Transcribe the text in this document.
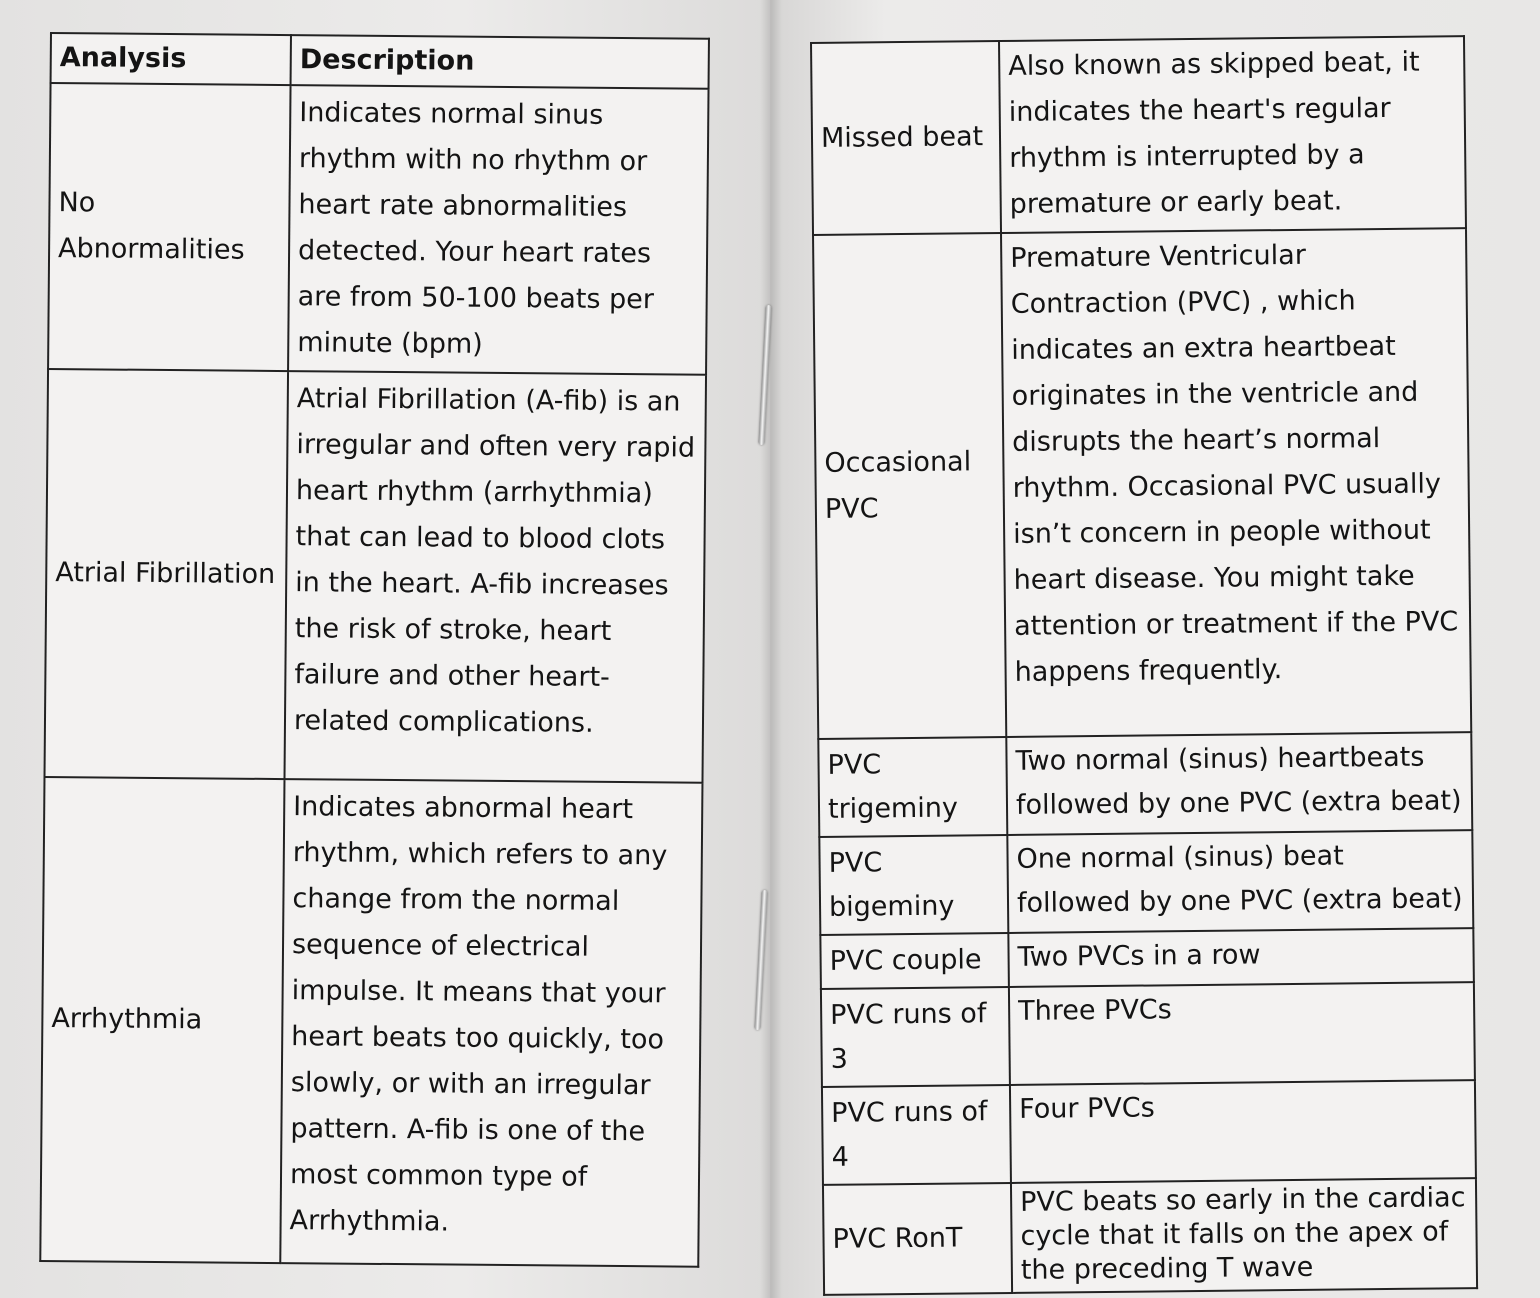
Analysis	Description
No Abnormalities	Indicates normal sinus rhythm with no rhythm or heart rate abnormalities detected. Your heart rates are from 50-100 beats per minute (bpm)
Atrial Fibrillation	Atrial Fibrillation (A-fib) is an irregular and often very rapid heart rhythm (arrhythmia) that can lead to blood clots in the heart. A-fib increases the risk of stroke, heart failure and other heart-related complications.
Arrhythmia	Indicates abnormal heart rhythm, which refers to any change from the normal sequence of electrical impulse. It means that your heart beats too quickly, too slowly, or with an irregular pattern. A-fib is one of the most common type of Arrhythmia.
Missed beat	Also known as skipped beat, it indicates the heart's regular rhythm is interrupted by a premature or early beat.
Occasional PVC	Premature Ventricular Contraction (PVC) , which indicates an extra heartbeat originates in the ventricle and disrupts the heart’s normal rhythm. Occasional PVC usually isn’t concern in people without heart disease. You might take attention or treatment if the PVC happens frequently.
PVC trigeminy	Two normal (sinus) heartbeats followed by one PVC (extra beat)
PVC bigeminy	One normal (sinus) beat followed by one PVC (extra beat)
PVC couple	Two PVCs in a row
PVC runs of 3	Three PVCs
PVC runs of 4	Four PVCs
PVC RonT	PVC beats so early in the cardiac cycle that it falls on the apex of the preceding T wave
